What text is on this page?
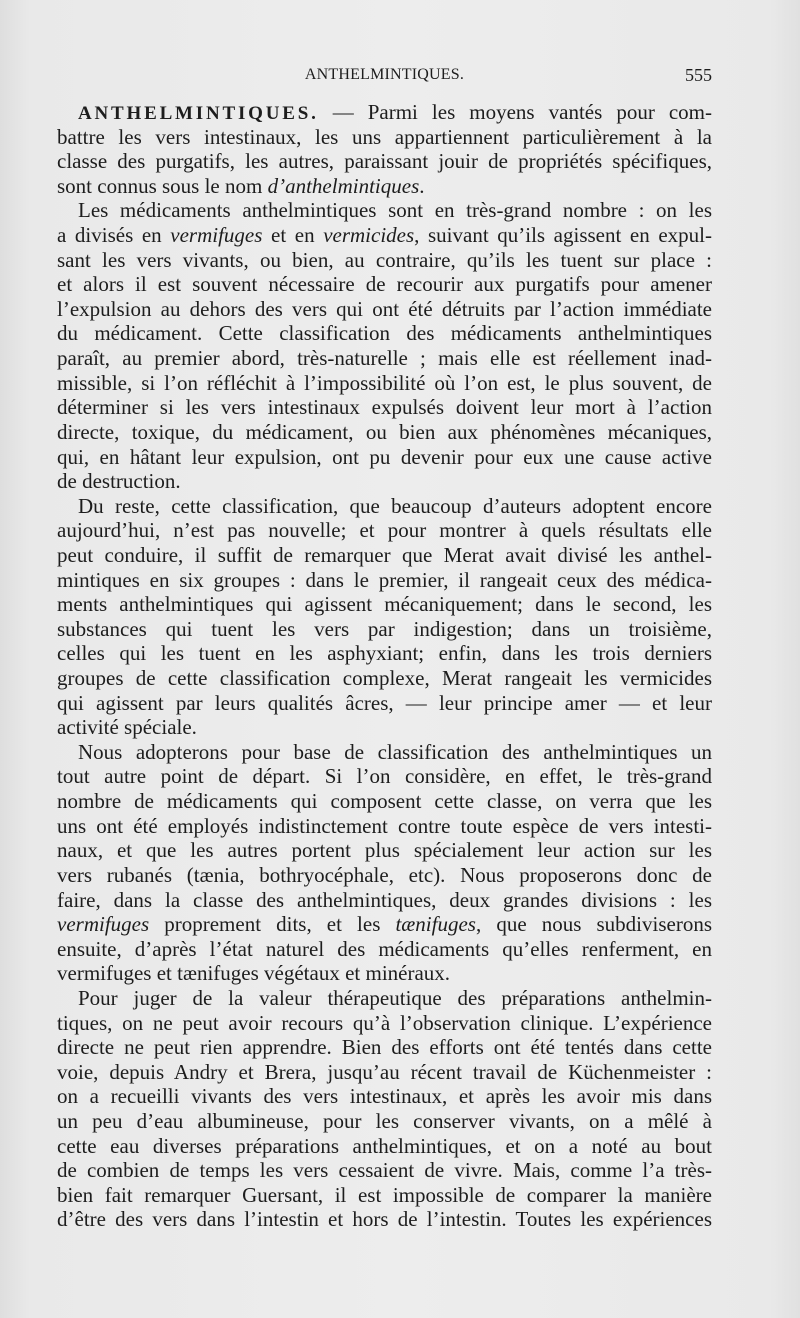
ANTHELMINTIQUES.	555
ANTHELMINTIQUES. — Parmi les moyens vantés pour com-
battre les vers intestinaux, les uns appartiennent particulièrement à la
classe des purgatifs, les autres, paraissant jouir de propriétés spécifiques,
sont connus sous le nom d’anthelmintiques.
Les médicaments anthelmintiques sont en très-grand nombre : on les
a divisés en vermifuges et en vermicides, suivant qu’ils agissent en expul-
sant les vers vivants, ou bien, au contraire, qu’ils les tuent sur place :
et alors il est souvent nécessaire de recourir aux purgatifs pour amener
l’expulsion au dehors des vers qui ont été détruits par l’action immédiate
du médicament. Cette classification des médicaments anthelmintiques
paraît, au premier abord, très-naturelle ; mais elle est réellement inad-
missible, si l’on réfléchit à l’impossibilité où l’on est, le plus souvent, de
déterminer si les vers intestinaux expulsés doivent leur mort à l’action
directe, toxique, du médicament, ou bien aux phénomènes mécaniques,
qui, en hâtant leur expulsion, ont pu devenir pour eux une cause active
de destruction.
Du reste, cette classification, que beaucoup d’auteurs adoptent encore
aujourd’hui, n’est pas nouvelle; et pour montrer à quels résultats elle
peut conduire, il suffit de remarquer que Merat avait divisé les anthel-
mintiques en six groupes : dans le premier, il rangeait ceux des médica-
ments anthelmintiques qui agissent mécaniquement; dans le second, les
substances qui tuent les vers par indigestion; dans un troisième,
celles qui les tuent en les asphyxiant; enfin, dans les trois derniers
groupes de cette classification complexe, Merat rangeait les vermicides
qui agissent par leurs qualités âcres, — leur principe amer — et leur
activité spéciale.
Nous adopterons pour base de classification des anthelmintiques un
tout autre point de départ. Si l’on considère, en effet, le très-grand
nombre de médicaments qui composent cette classe, on verra que les
uns ont été employés indistinctement contre toute espèce de vers intesti-
naux, et que les autres portent plus spécialement leur action sur les
vers rubanés (tænia, bothryocéphale, etc). Nous proposerons donc de
faire, dans la classe des anthelmintiques, deux grandes divisions : les
vermifuges proprement dits, et les tænifuges, que nous subdiviserons
ensuite, d’après l’état naturel des médicaments qu’elles renferment, en
vermifuges et tænifuges végétaux et minéraux.
Pour juger de la valeur thérapeutique des préparations anthelmin-
tiques, on ne peut avoir recours qu’à l’observation clinique. L’expérience
directe ne peut rien apprendre. Bien des efforts ont été tentés dans cette
voie, depuis Andry et Brera, jusqu’au récent travail de Küchenmeister :
on a recueilli vivants des vers intestinaux, et après les avoir mis dans
un peu d’eau albumineuse, pour les conserver vivants, on a mêlé à
cette eau diverses préparations anthelmintiques, et on a noté au bout
de combien de temps les vers cessaient de vivre. Mais, comme l’a très-
bien fait remarquer Guersant, il est impossible de comparer la manière
d’être des vers dans l’intestin et hors de l’intestin. Toutes les expériences
